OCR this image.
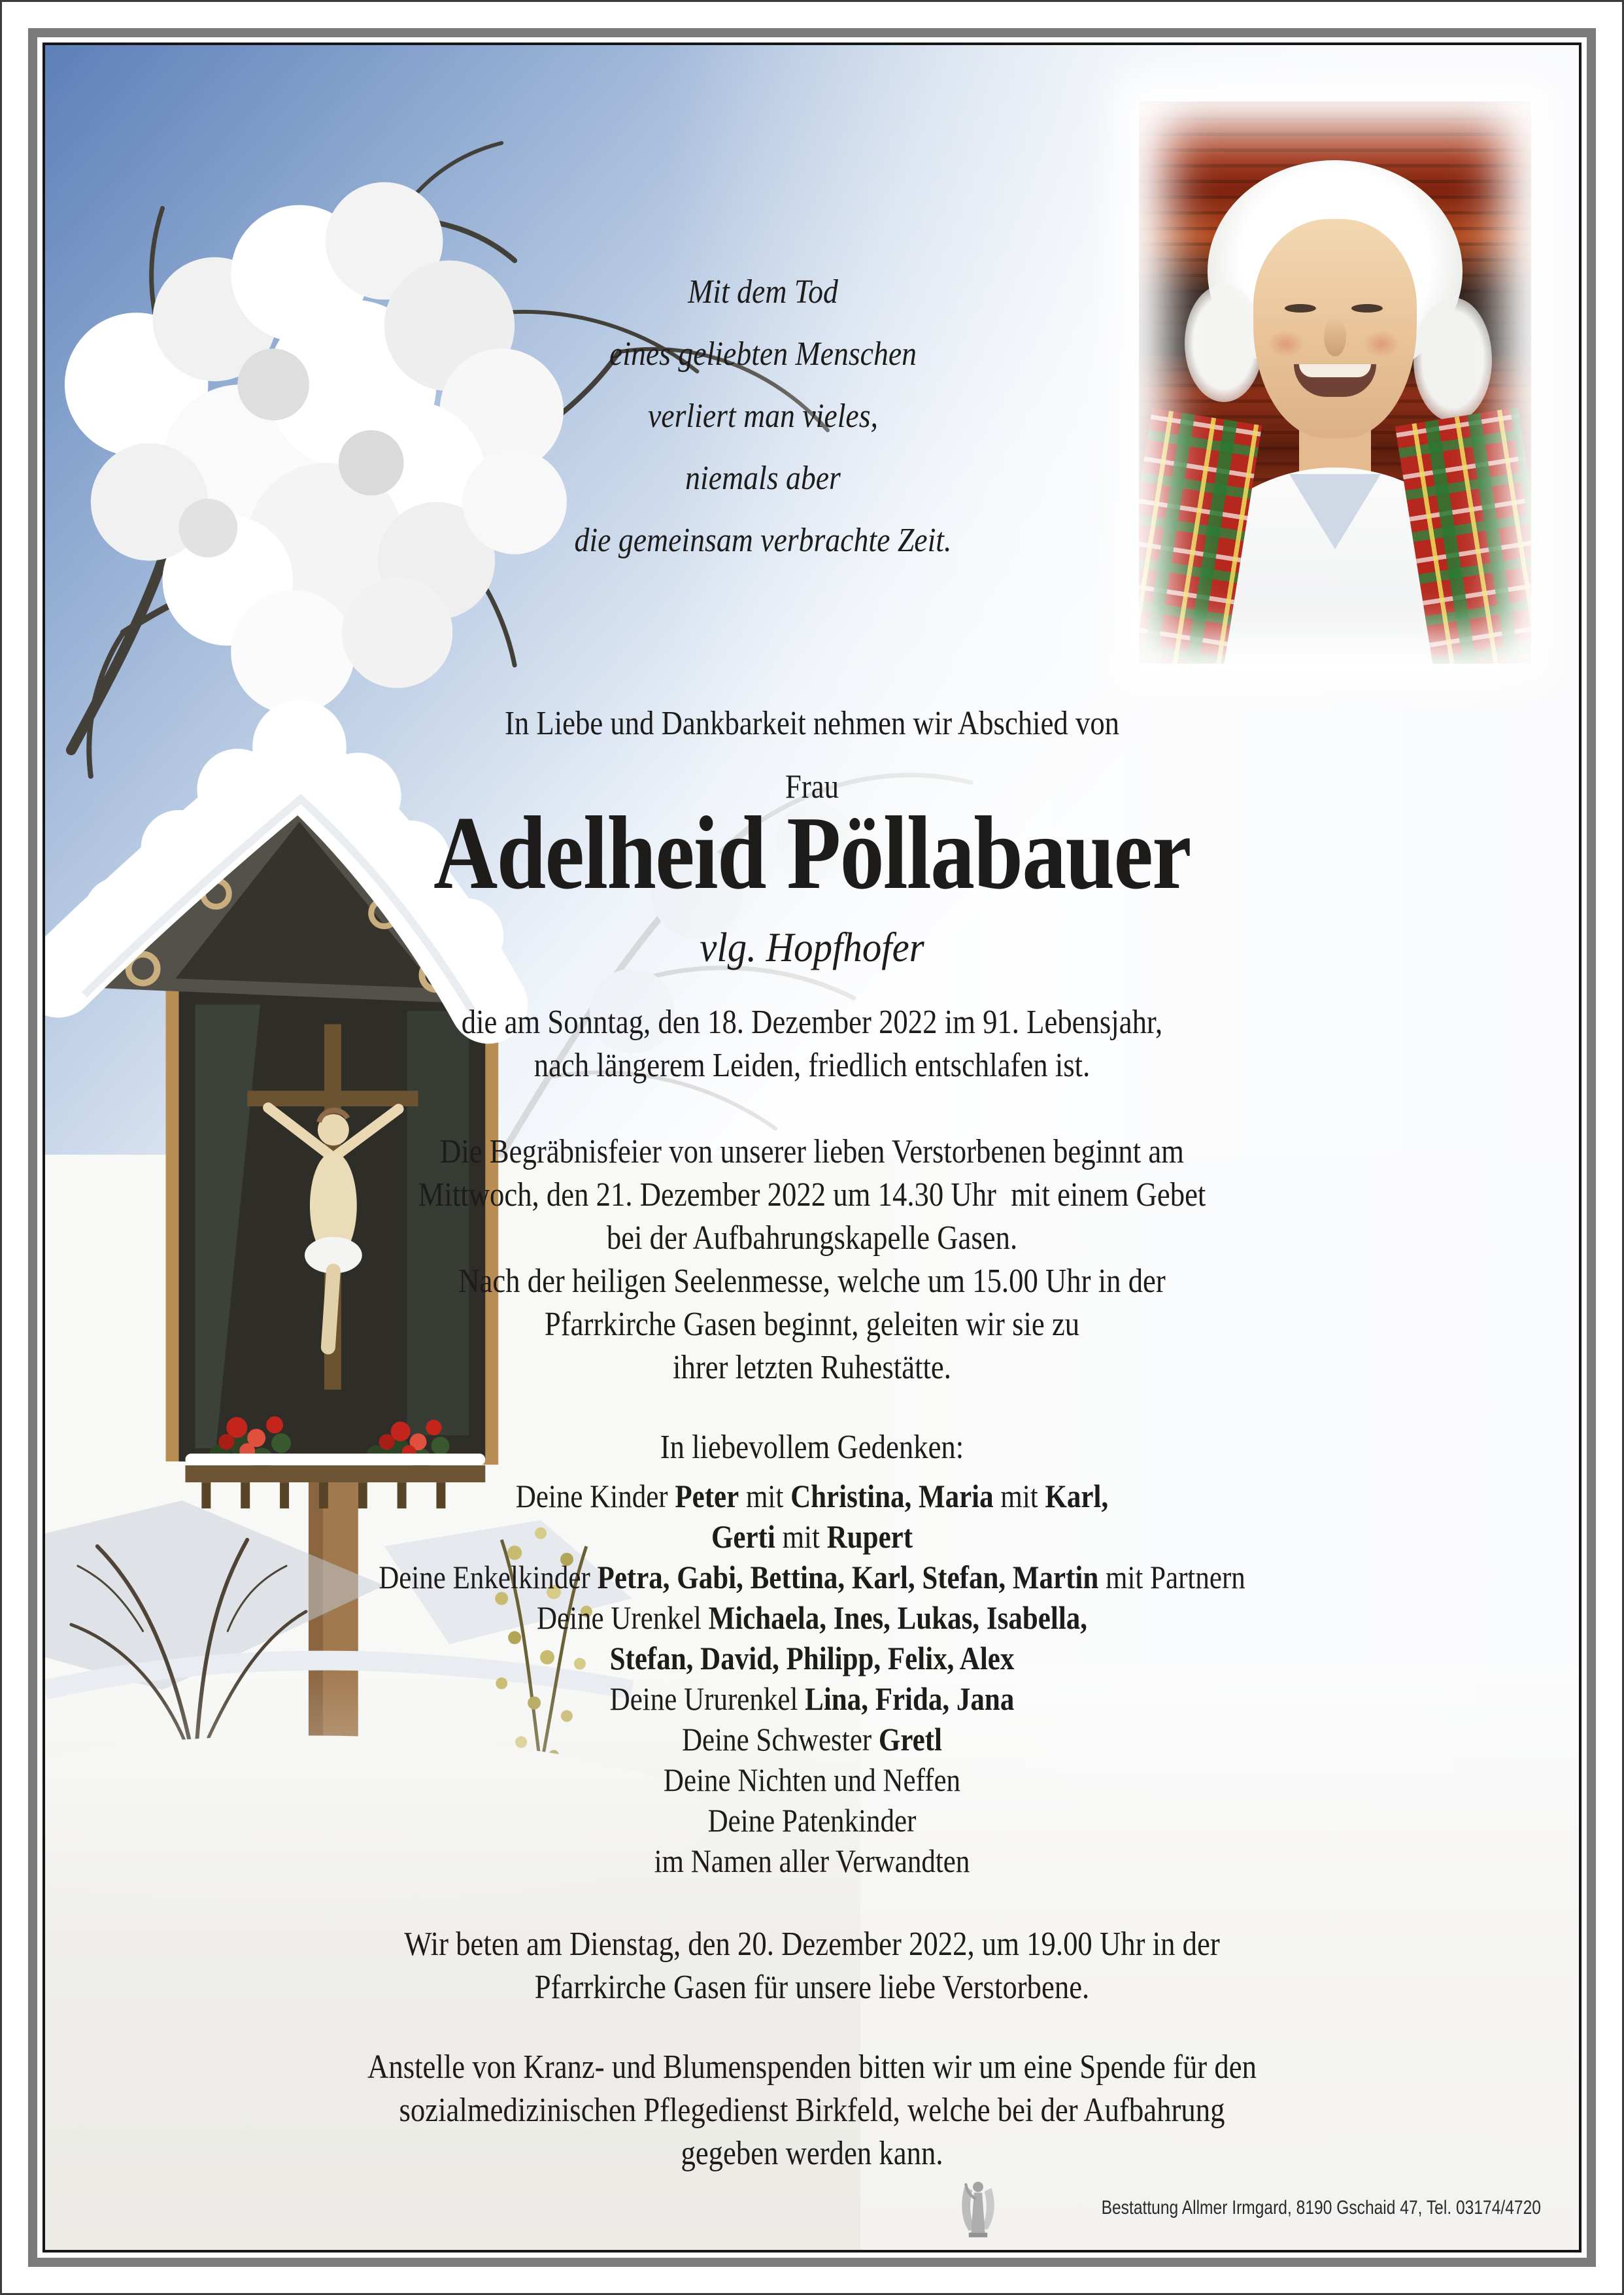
Mit dem Tod
eines geliebten Menschen
verliert man vieles,
niemals aber
die gemeinsam verbrachte Zeit.
In Liebe und Dankbarkeit nehmen wir Abschied von
Frau
Adelheid Pöllabauer
vlg. Hopfhofer
die am Sonntag, den 18. Dezember 2022 im 91. Lebensjahr,
nach längerem Leiden, friedlich entschlafen ist.
Die Begräbnisfeier von unserer lieben Verstorbenen beginnt am
Mittwoch, den 21. Dezember 2022 um 14.30 Uhr  mit einem Gebet
bei der Aufbahrungskapelle Gasen.
Nach der heiligen Seelenmesse, welche um 15.00 Uhr in der
Pfarrkirche Gasen beginnt, geleiten wir sie zu
ihrer letzten Ruhestätte.
In liebevollem Gedenken:
Deine Kinder Peter mit Christina, Maria mit Karl,
Gerti mit Rupert
Deine Enkelkinder Petra, Gabi, Bettina, Karl, Stefan, Martin mit Partnern
Deine Urenkel Michaela, Ines, Lukas, Isabella,
Stefan, David, Philipp, Felix, Alex
Deine Ururenkel Lina, Frida, Jana
Deine Schwester Gretl
Deine Nichten und Neffen
Deine Patenkinder
im Namen aller Verwandten
Wir beten am Dienstag, den 20. Dezember 2022, um 19.00 Uhr in der
Pfarrkirche Gasen für unsere liebe Verstorbene.
Anstelle von Kranz- und Blumenspenden bitten wir um eine Spende für den
sozialmedizinischen Pflegedienst Birkfeld, welche bei der Aufbahrung
gegeben werden kann.
Bestattung Allmer Irmgard, 8190 Gschaid 47, Tel. 03174/4720
